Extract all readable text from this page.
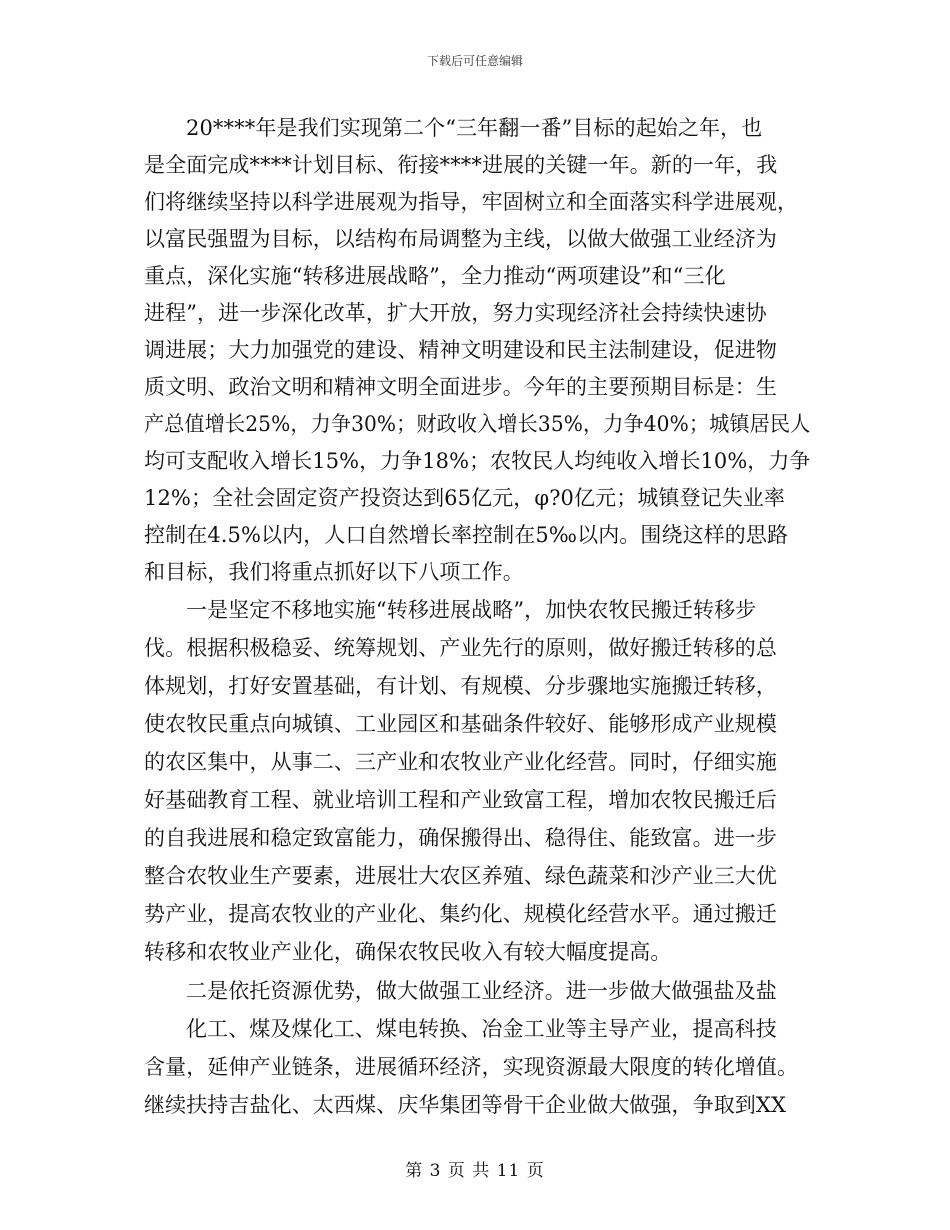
下载后可任意编辑
20****年是我们实现第二个“三年翻一番”目标的起始之年，也
是全面完成****计划目标、衔接****进展的关键一年。新的一年，我
们将继续坚持以科学进展观为指导，牢固树立和全面落实科学进展观，
以富民强盟为目标，以结构布局调整为主线，以做大做强工业经济为
重点，深化实施“转移进展战略”，全力推动“两项建设”和“三化
进程”，进一步深化改革，扩大开放，努力实现经济社会持续快速协
调进展；大力加强党的建设、精神文明建设和民主法制建设，促进物
质文明、政治文明和精神文明全面进步。今年的主要预期目标是：生
产总值增长25%，力争30%；财政收入增长35%，力争40%；城镇居民人
均可支配收入增长15%，力争18%；农牧民人均纯收入增长10%，力争
12%；全社会固定资产投资达到65亿元，φ?0亿元；城镇登记失业率
控制在4.5%以内，人口自然增长率控制在5‰以内。围绕这样的思路
和目标，我们将重点抓好以下八项工作。
一是坚定不移地实施“转移进展战略”，加快农牧民搬迁转移步
伐。根据积极稳妥、统筹规划、产业先行的原则，做好搬迁转移的总
体规划，打好安置基础，有计划、有规模、分步骤地实施搬迁转移，
使农牧民重点向城镇、工业园区和基础条件较好、能够形成产业规模
的农区集中，从事二、三产业和农牧业产业化经营。同时，仔细实施
好基础教育工程、就业培训工程和产业致富工程，增加农牧民搬迁后
的自我进展和稳定致富能力，确保搬得出、稳得住、能致富。进一步
整合农牧业生产要素，进展壮大农区养殖、绿色蔬菜和沙产业三大优
势产业，提高农牧业的产业化、集约化、规模化经营水平。通过搬迁
转移和农牧业产业化，确保农牧民收入有较大幅度提高。
二是依托资源优势，做大做强工业经济。进一步做大做强盐及盐
化工、煤及煤化工、煤电转换、冶金工业等主导产业，提高科技
含量，延伸产业链条，进展循环经济，实现资源最大限度的转化增值。
继续扶持吉盐化、太西煤、庆华集团等骨干企业做大做强，争取到XX
第 3 页 共 11 页
